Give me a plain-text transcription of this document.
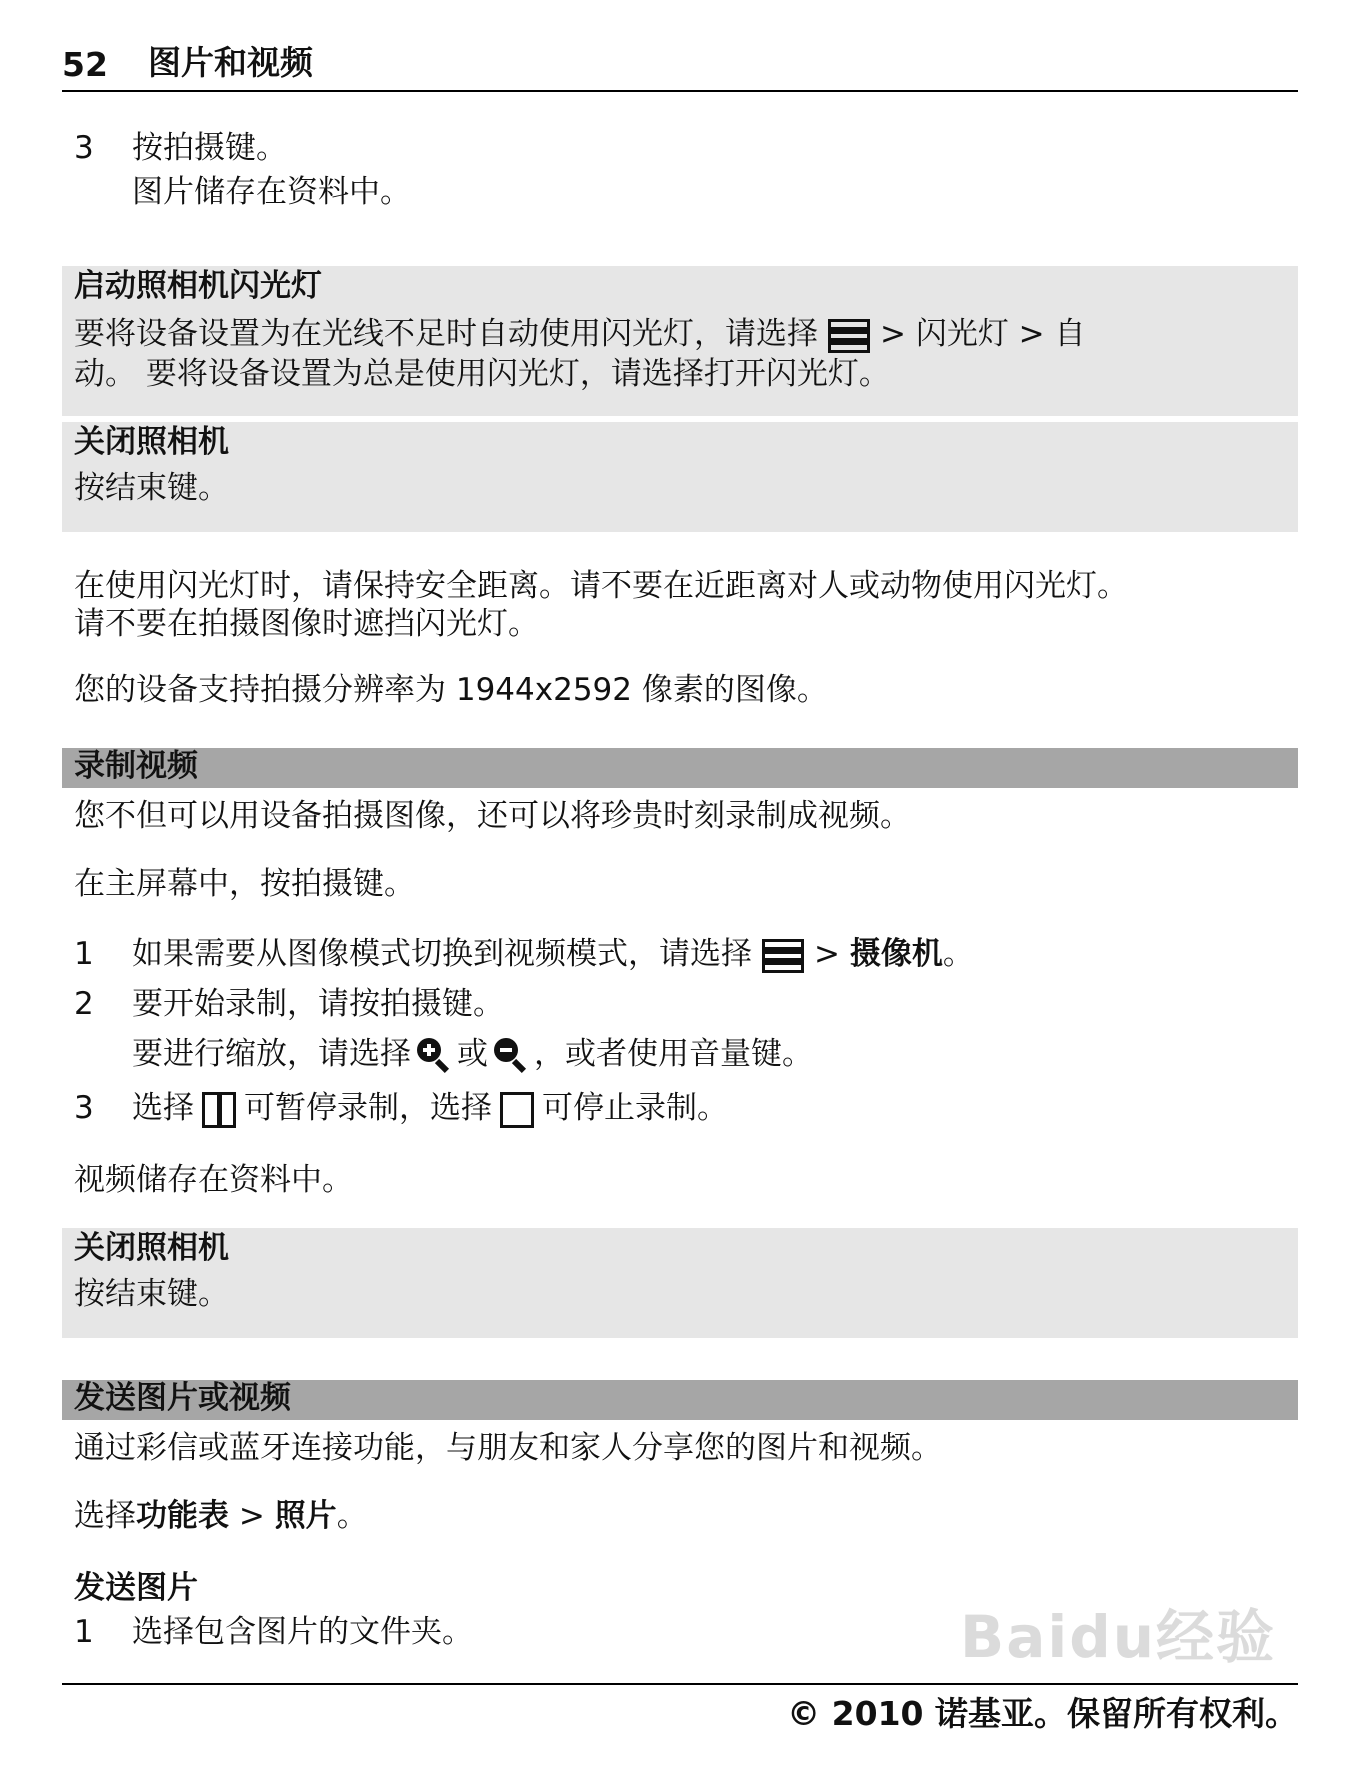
52 图片和视频
3 按拍摄键。
图片储存在资料中。
启动照相机闪光灯
要将设备设置为在光线不足时自动使用闪光灯，请选择 > 闪光灯 > 自
动。 要将设备设置为总是使用闪光灯，请选择打开闪光灯。
关闭照相机
按结束键。
在使用闪光灯时，请保持安全距离。请不要在近距离对人或动物使用闪光灯。
请不要在拍摄图像时遮挡闪光灯。
您的设备支持拍摄分辨率为 1944x2592 像素的图像。
录制视频
您不但可以用设备拍摄图像，还可以将珍贵时刻录制成视频。
在主屏幕中，按拍摄键。
1 如果需要从图像模式切换到视频模式，请选择 > 摄像机。
2 要开始录制，请按拍摄键。
要进行缩放，请选择 或 ，或者使用音量键。
3 选择 可暂停录制，选择 可停止录制。
视频储存在资料中。
关闭照相机
按结束键。
发送图片或视频
通过彩信或蓝牙连接功能，与朋友和家人分享您的图片和视频。
选择功能表 > 照片。
发送图片
1 选择包含图片的文件夹。	Baidu经验
© 2010 诺基亚。保留所有权利。
